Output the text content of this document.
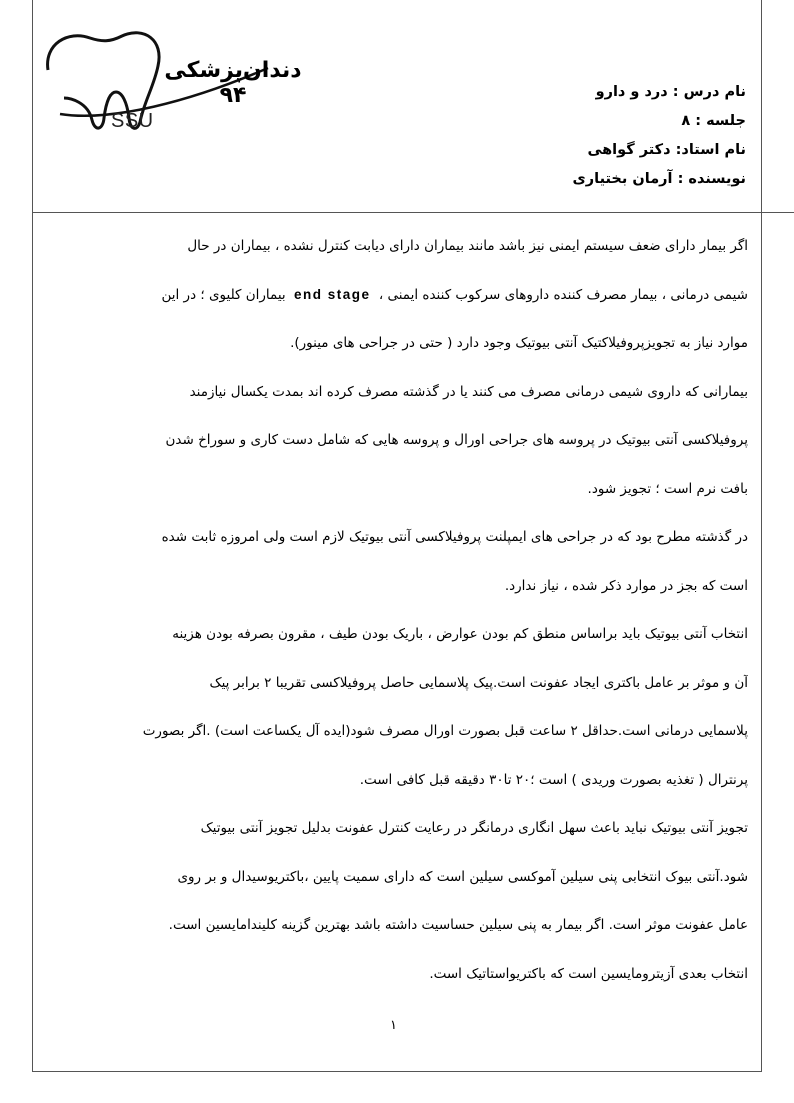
دندان‌پزشکی ۹۴
SSU
نام درس : درد و دارو
جلسه : ۸
نام استاد: دکتر گواهی
نویسنده : آرمان بختیاری
اگر بیمار دارای ضعف سیستم ایمنی نیز باشد مانند بیماران دارای دیابت کنترل نشده ، بیماران در حال
شیمی درمانی ، بیمار مصرف کننده داروهای سرکوب کننده ایمنی ، end stage بیماران کلیوی ؛ در این
موارد نیاز به تجویزپروفیلاکتیک آنتی بیوتیک وجود دارد ( حتی در جراحی های مینور).
بیمارانی که داروی شیمی درمانی مصرف می کنند یا در گذشته مصرف کرده اند بمدت یکسال نیازمند
پروفیلاکسی آنتی بیوتیک در پروسه های جراحی اورال و پروسه هایی که شامل دست کاری و سوراخ شدن
بافت نرم است ؛ تجویز شود.
در گذشته مطرح بود که در جراحی های ایمپلنت پروفیلاکسی آنتی بیوتیک لازم است ولی امروزه ثابت شده
است که بجز در موارد ذکر شده ، نیاز ندارد.
انتخاب آنتی بیوتیک باید براساس منطق کم بودن عوارض ، باریک بودن طیف ، مقرون بصرفه بودن هزینه
آن و موثر بر عامل باکتری ایجاد عفونت است.پیک پلاسمایی حاصل پروفیلاکسی تقریبا ۲ برابر پیک
پلاسمایی درمانی است.حداقل ۲ ساعت قبل بصورت اورال مصرف شود(ایده آل یکساعت است) .اگر بصورت
پرنترال ( تغذیه بصورت وریدی ) است ؛۲۰ تا۳۰ دقیقه قبل کافی است.
تجویز آنتی بیوتیک نباید باعث سهل انگاری درمانگر در رعایت کنترل عفونت بدلیل تجویز آنتی بیوتیک
شود.آنتی بیوک انتخابی پنی سیلین آموکسی سیلین است که دارای سمیت پایین ،باکتریوسیدال و بر روی
عامل عفونت موثر است. اگر بیمار به پنی سیلین حساسیت داشته باشد بهترین گزینه کلیندامایسین است.
انتخاب بعدی آزیترومایسین است که باکتریواستاتیک است.
۱
